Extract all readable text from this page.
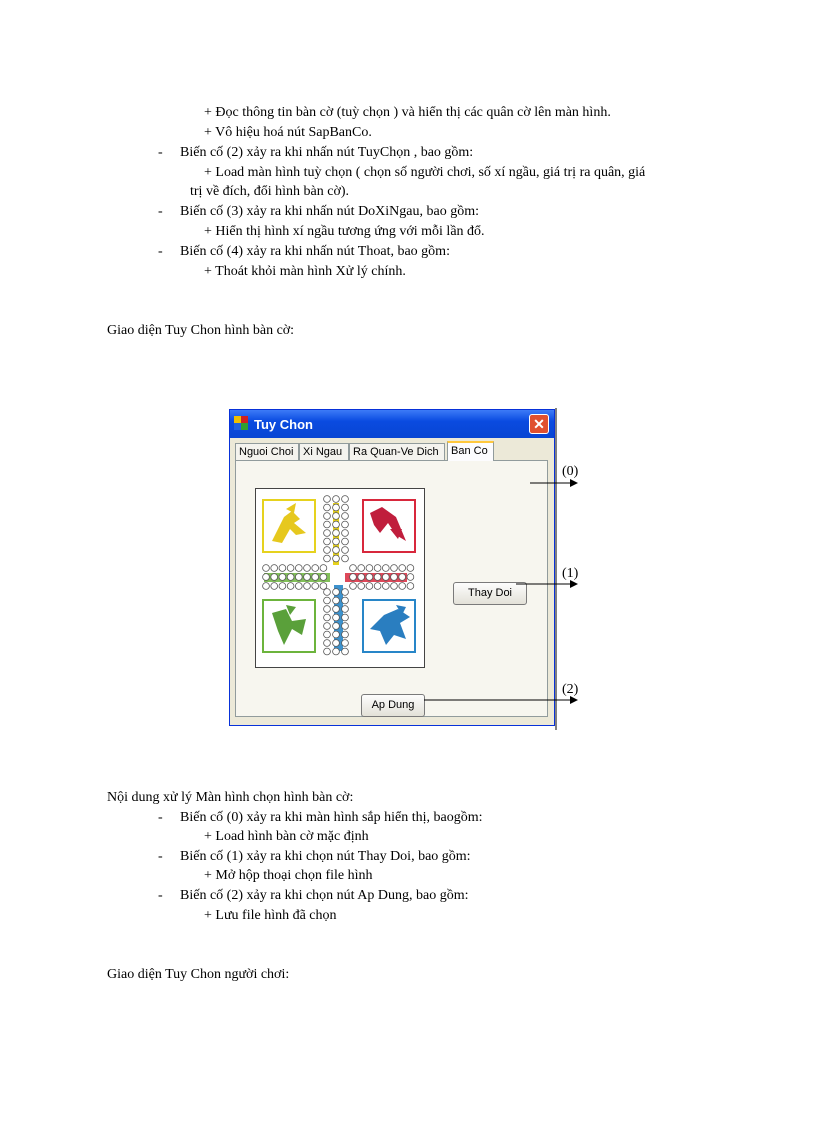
+ Đọc thông tin bàn cờ (tuỳ chọn ) và hiển thị các quân cờ lên màn hình.
+ Vô hiệu hoá nút SapBanCo.
- Biến cố (2) xảy ra khi nhấn nút TuyChọn , bao gồm:
+ Load màn hình tuỳ chọn ( chọn số người chơi, số xí ngầu, giá trị ra quân, giá
trị về đích, đổi hình bàn cờ).
- Biến cố (3) xảy ra khi nhấn nút DoXiNgau, bao gồm:
+ Hiển thị hình xí ngầu tương ứng với mỗi lần đổ.
- Biến cố (4) xảy ra khi nhấn nút Thoat, bao gồm:
+ Thoát khỏi màn hình Xử lý chính.
Giao diện Tuy Chon hình bàn cờ:
Tuy Chon	✕
Nguoi Choi Xi Ngau Ra Quan-Ve Dich	Ban Co
Thay Doi
Ap Dung
(0)
(1)
(2)
Nội dung xử lý Màn hình chọn hình bàn cờ:
- Biến cố (0) xảy ra khi màn hình sắp hiển thị, baogồm:
+ Load hình bàn cờ mặc định
- Biến cố (1) xảy ra khi chọn nút Thay Doi, bao gồm:
+ Mở hộp thoại chọn file hình
- Biến cố (2) xảy ra khi chọn nút Ap Dung, bao gồm:
+ Lưu file hình đã chọn
Giao diện Tuy Chon người chơi:
